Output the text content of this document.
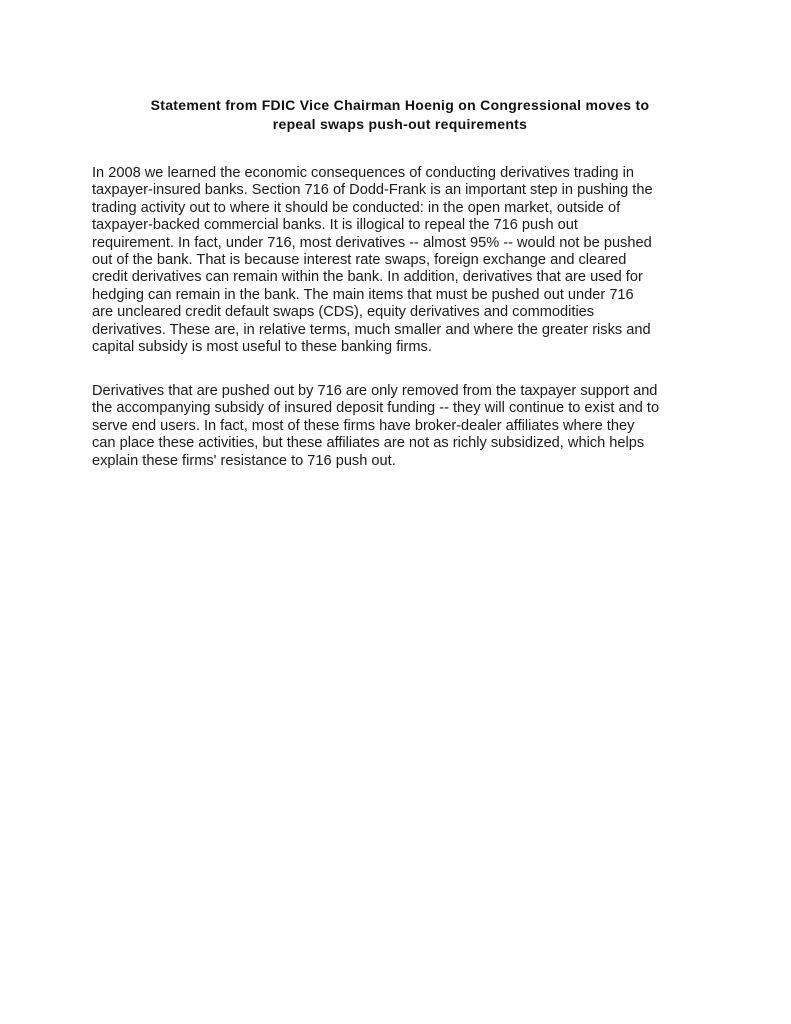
Statement from FDIC Vice Chairman Hoenig on Congressional moves to
repeal swaps push-out requirements

In 2008 we learned the economic consequences of conducting derivatives trading in
taxpayer-insured banks. Section 716 of Dodd-Frank is an important step in pushing the
trading activity out to where it should be conducted: in the open market, outside of
taxpayer-backed commercial banks. It is illogical to repeal the 716 push out
requirement. In fact, under 716, most derivatives -- almost 95% -- would not be pushed
out of the bank. That is because interest rate swaps, foreign exchange and cleared
credit derivatives can remain within the bank. In addition, derivatives that are used for
hedging can remain in the bank. The main items that must be pushed out under 716
are uncleared credit default swaps (CDS), equity derivatives and commodities
derivatives. These are, in relative terms, much smaller and where the greater risks and
capital subsidy is most useful to these banking firms.

Derivatives that are pushed out by 716 are only removed from the taxpayer support and
the accompanying subsidy of insured deposit funding -- they will continue to exist and to
serve end users. In fact, most of these firms have broker-dealer affiliates where they
can place these activities, but these affiliates are not as richly subsidized, which helps
explain these firms' resistance to 716 push out.
